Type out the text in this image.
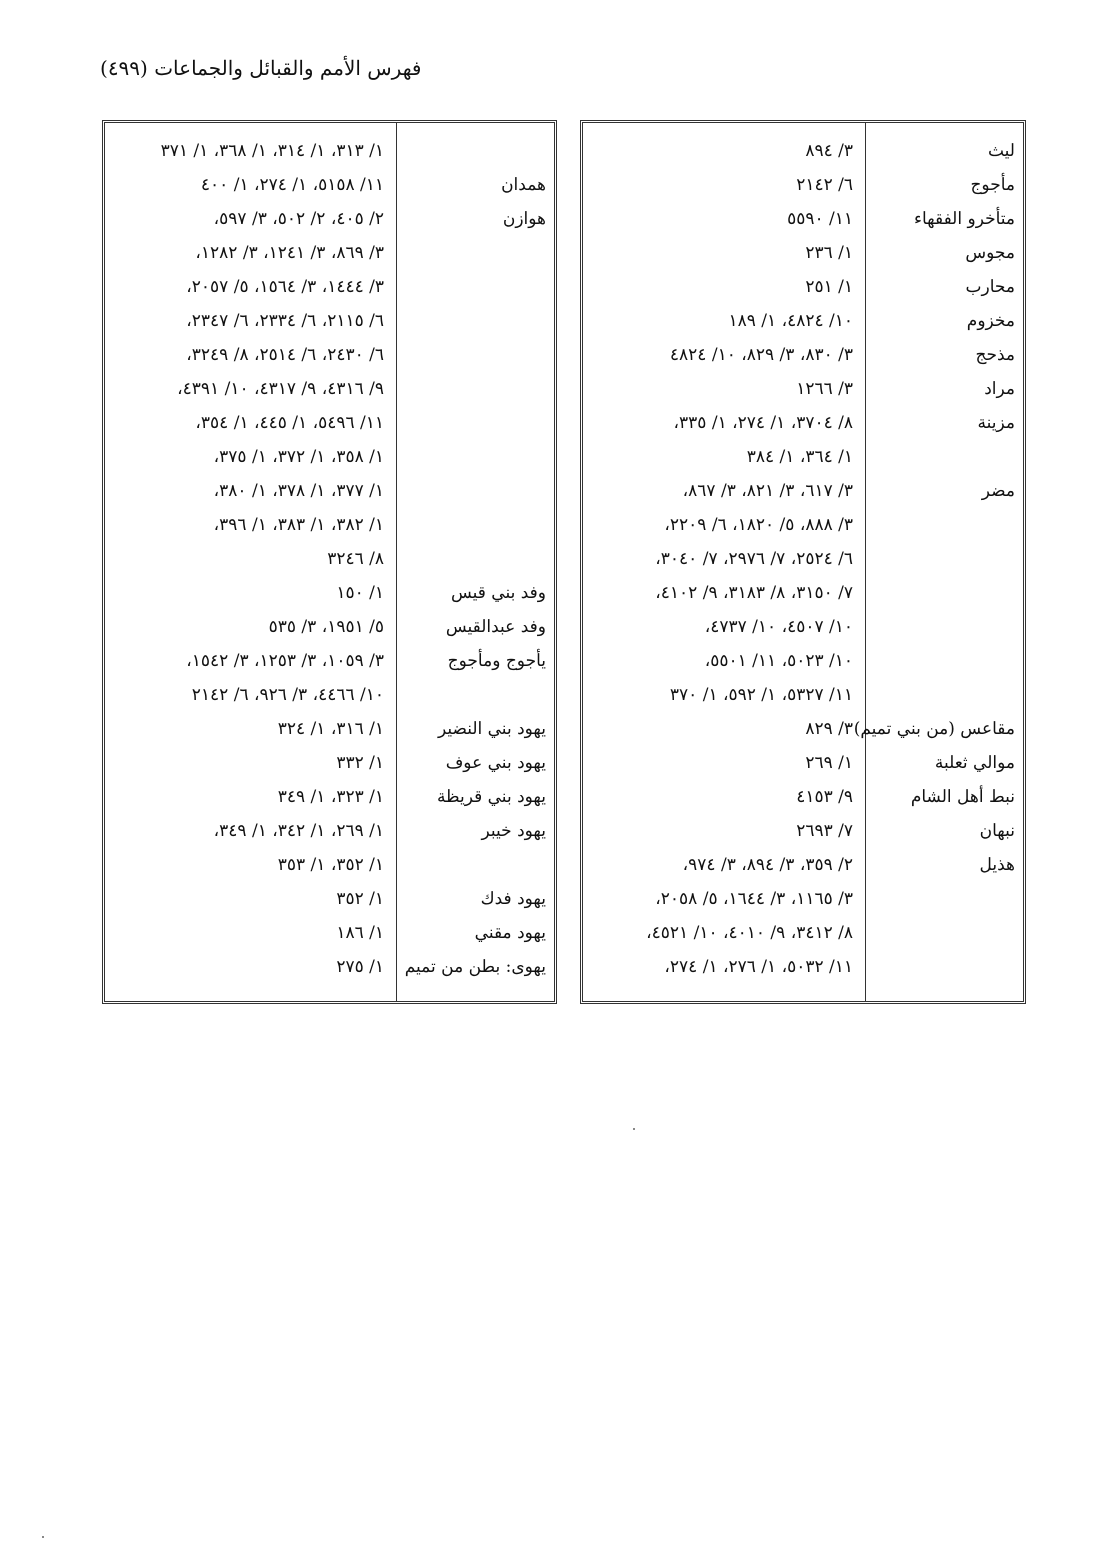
فهرس الأمم والقبائل والجماعات (٤٩٩)
ليث
٣/ ٨٩٤
مأجوج
٦/ ٢١٤٢
متأخرو الفقهاء
١١/ ٥٥٩٠
مجوس
١/ ٢٣٦
محارب
١/ ٢٥١
مخزوم
١٠/ ٤٨٢٤، ١/ ١٨٩
مذحج
٣/ ٨٣٠، ٣/ ٨٢٩، ١٠/ ٤٨٢٤
مراد
٣/ ١٢٦٦
مزينة
٨/ ٣٧٠٤، ١/ ٢٧٤، ١/ ٣٣٥،
١/ ٣٦٤، ١/ ٣٨٤
مضر
٣/ ٦١٧، ٣/ ٨٢١، ٣/ ٨٦٧،
٣/ ٨٨٨، ٥/ ١٨٢٠، ٦/ ٢٢٠٩،
٦/ ٢٥٢٤، ٧/ ٢٩٧٦، ٧/ ٣٠٤٠،
٧/ ٣١٥٠، ٨/ ٣١٨٣، ٩/ ٤١٠٢،
١٠/ ٤٥٠٧، ١٠/ ٤٧٣٧،
١٠/ ٥٠٢٣، ١١/ ٥٥٠١،
١١/ ٥٣٢٧، ١/ ٥٩٢، ١/ ٣٧٠
مقاعس (من بني تميم)
٣/ ٨٢٩
موالي ثعلبة
١/ ٢٦٩
نبط أهل الشام
٩/ ٤١٥٣
نبهان
٧/ ٢٦٩٣
هذيل
٢/ ٣٥٩، ٣/ ٨٩٤، ٣/ ٩٧٤،
٣/ ١١٦٥، ٣/ ١٦٤٤، ٥/ ٢٠٥٨،
٨/ ٣٤١٢، ٩/ ٤٠١٠، ١٠/ ٤٥٢١،
١١/ ٥٠٣٢، ١/ ٢٧٦، ١/ ٢٧٤،
١/ ٣١٣، ١/ ٣١٤، ١/ ٣٦٨، ١/ ٣٧١
همدان
١١/ ٥١٥٨، ١/ ٢٧٤، ١/ ٤٠٠
هوازن
٢/ ٤٠٥، ٢/ ٥٠٢، ٣/ ٥٩٧،
٣/ ٨٦٩، ٣/ ١٢٤١، ٣/ ١٢٨٢،
٣/ ١٤٤٤، ٣/ ١٥٦٤، ٥/ ٢٠٥٧،
٦/ ٢١١٥، ٦/ ٢٣٣٤، ٦/ ٢٣٤٧،
٦/ ٢٤٣٠، ٦/ ٢٥١٤، ٨/ ٣٢٤٩،
٩/ ٤٣١٦، ٩/ ٤٣١٧، ١٠/ ٤٣٩١،
١١/ ٥٤٩٦، ١/ ٤٤٥، ١/ ٣٥٤،
١/ ٣٥٨، ١/ ٣٧٢، ١/ ٣٧٥،
١/ ٣٧٧، ١/ ٣٧٨، ١/ ٣٨٠،
١/ ٣٨٢، ١/ ٣٨٣، ١/ ٣٩٦،
٨/ ٣٢٤٦
وفد بني قيس
١/ ١٥٠
وفد عبدالقيس
٥/ ١٩٥١، ٣/ ٥٣٥
يأجوج ومأجوج
٣/ ١٠٥٩، ٣/ ١٢٥٣، ٣/ ١٥٤٢،
١٠/ ٤٤٦٦، ٣/ ٩٢٦، ٦/ ٢١٤٢
يهود بني النضير
١/ ٣١٦، ١/ ٣٢٤
يهود بني عوف
١/ ٣٣٢
يهود بني قريظة
١/ ٣٢٣، ١/ ٣٤٩
يهود خيبر
١/ ٢٦٩، ١/ ٣٤٢، ١/ ٣٤٩،
١/ ٣٥٢، ١/ ٣٥٣
يهود فدك
١/ ٣٥٢
يهود مقني
١/ ١٨٦
يهوى: بطن من تميم
١/ ٢٧٥
